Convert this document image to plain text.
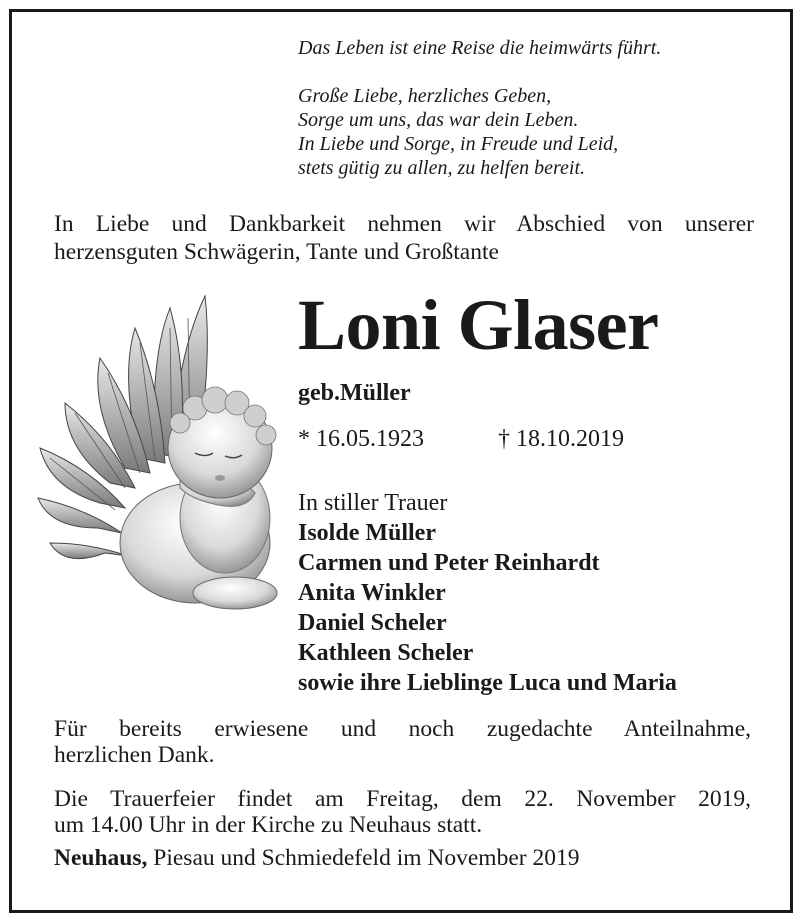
Das Leben ist eine Reise die heimwärts führt.
Große Liebe, herzliches Geben,
Sorge um uns, das war dein Leben.
In Liebe und Sorge, in Freude und Leid,
stets gütig zu allen, zu helfen bereit.
In Liebe und Dankbarkeit nehmen wir Abschied von unserer
herzensguten Schwägerin, Tante und Großtante
Loni Glaser
geb.Müller
* 16.05.1923	† 18.10.2019
In stiller Trauer
Isolde Müller
Carmen und Peter Reinhardt
Anita Winkler
Daniel Scheler
Kathleen Scheler
sowie ihre Lieblinge Luca und Maria
Für bereits erwiesene und noch zugedachte Anteilnahme,
herzlichen Dank.
Die Trauerfeier findet am Freitag, dem 22. November 2019,
um 14.00 Uhr in der Kirche zu Neuhaus statt.
Neuhaus, Piesau und Schmiedefeld im November 2019
